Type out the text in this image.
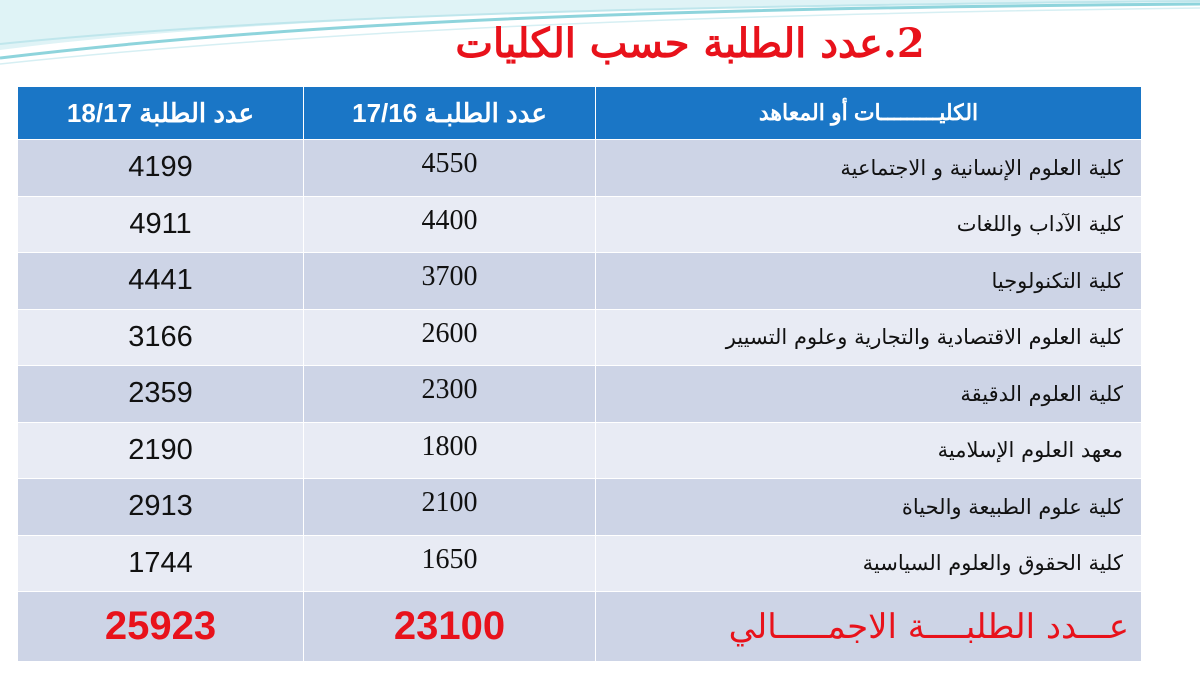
2.عدد الطلبة حسب الكليات
الكليـــــــــات أو المعاهد	عدد الطلبـة 17/16	عدد الطلبة 18/17
كلية العلوم الإنسانية و الاجتماعية	4550	4199
كلية الآداب واللغات	4400	4911
كلية التكنولوجيا	3700	4441
كلية العلوم الاقتصادية والتجارية وعلوم التسيير	2600	3166
كلية العلوم الدقيقة	2300	2359
معهد العلوم الإسلامية	1800	2190
كلية علوم الطبيعة والحياة	2100	2913
كلية الحقوق والعلوم السياسية	1650	1744
عـــدد الطلبــــة الاجمـــــالي	23100	25923
